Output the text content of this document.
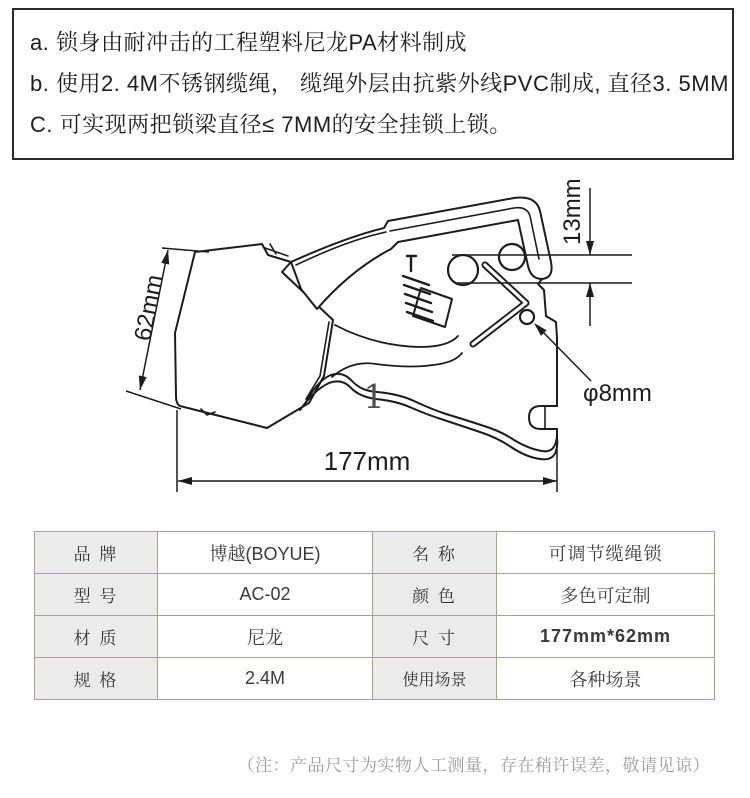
a. 锁身由耐冲击的工程塑料尼龙PA材料制成
b. 使用2. 4M不锈钢缆绳， 缆绳外层由抗紫外线PVC制成, 直径3. 5MM
C. 可实现两把锁梁直径≤ 7MM的安全挂锁上锁。
177mm
62mm
13mm
φ8mm
1
品 牌	博越(BOYUE)	名 称	可调节缆绳锁
型 号	AC-02	颜 色	多色可定制
材 质	尼龙	尺 寸	177mm*62mm
规 格	2.4M	使用场景	各种场景
（注：产品尺寸为实物人工测量，存在稍许误差，敬请见谅）
